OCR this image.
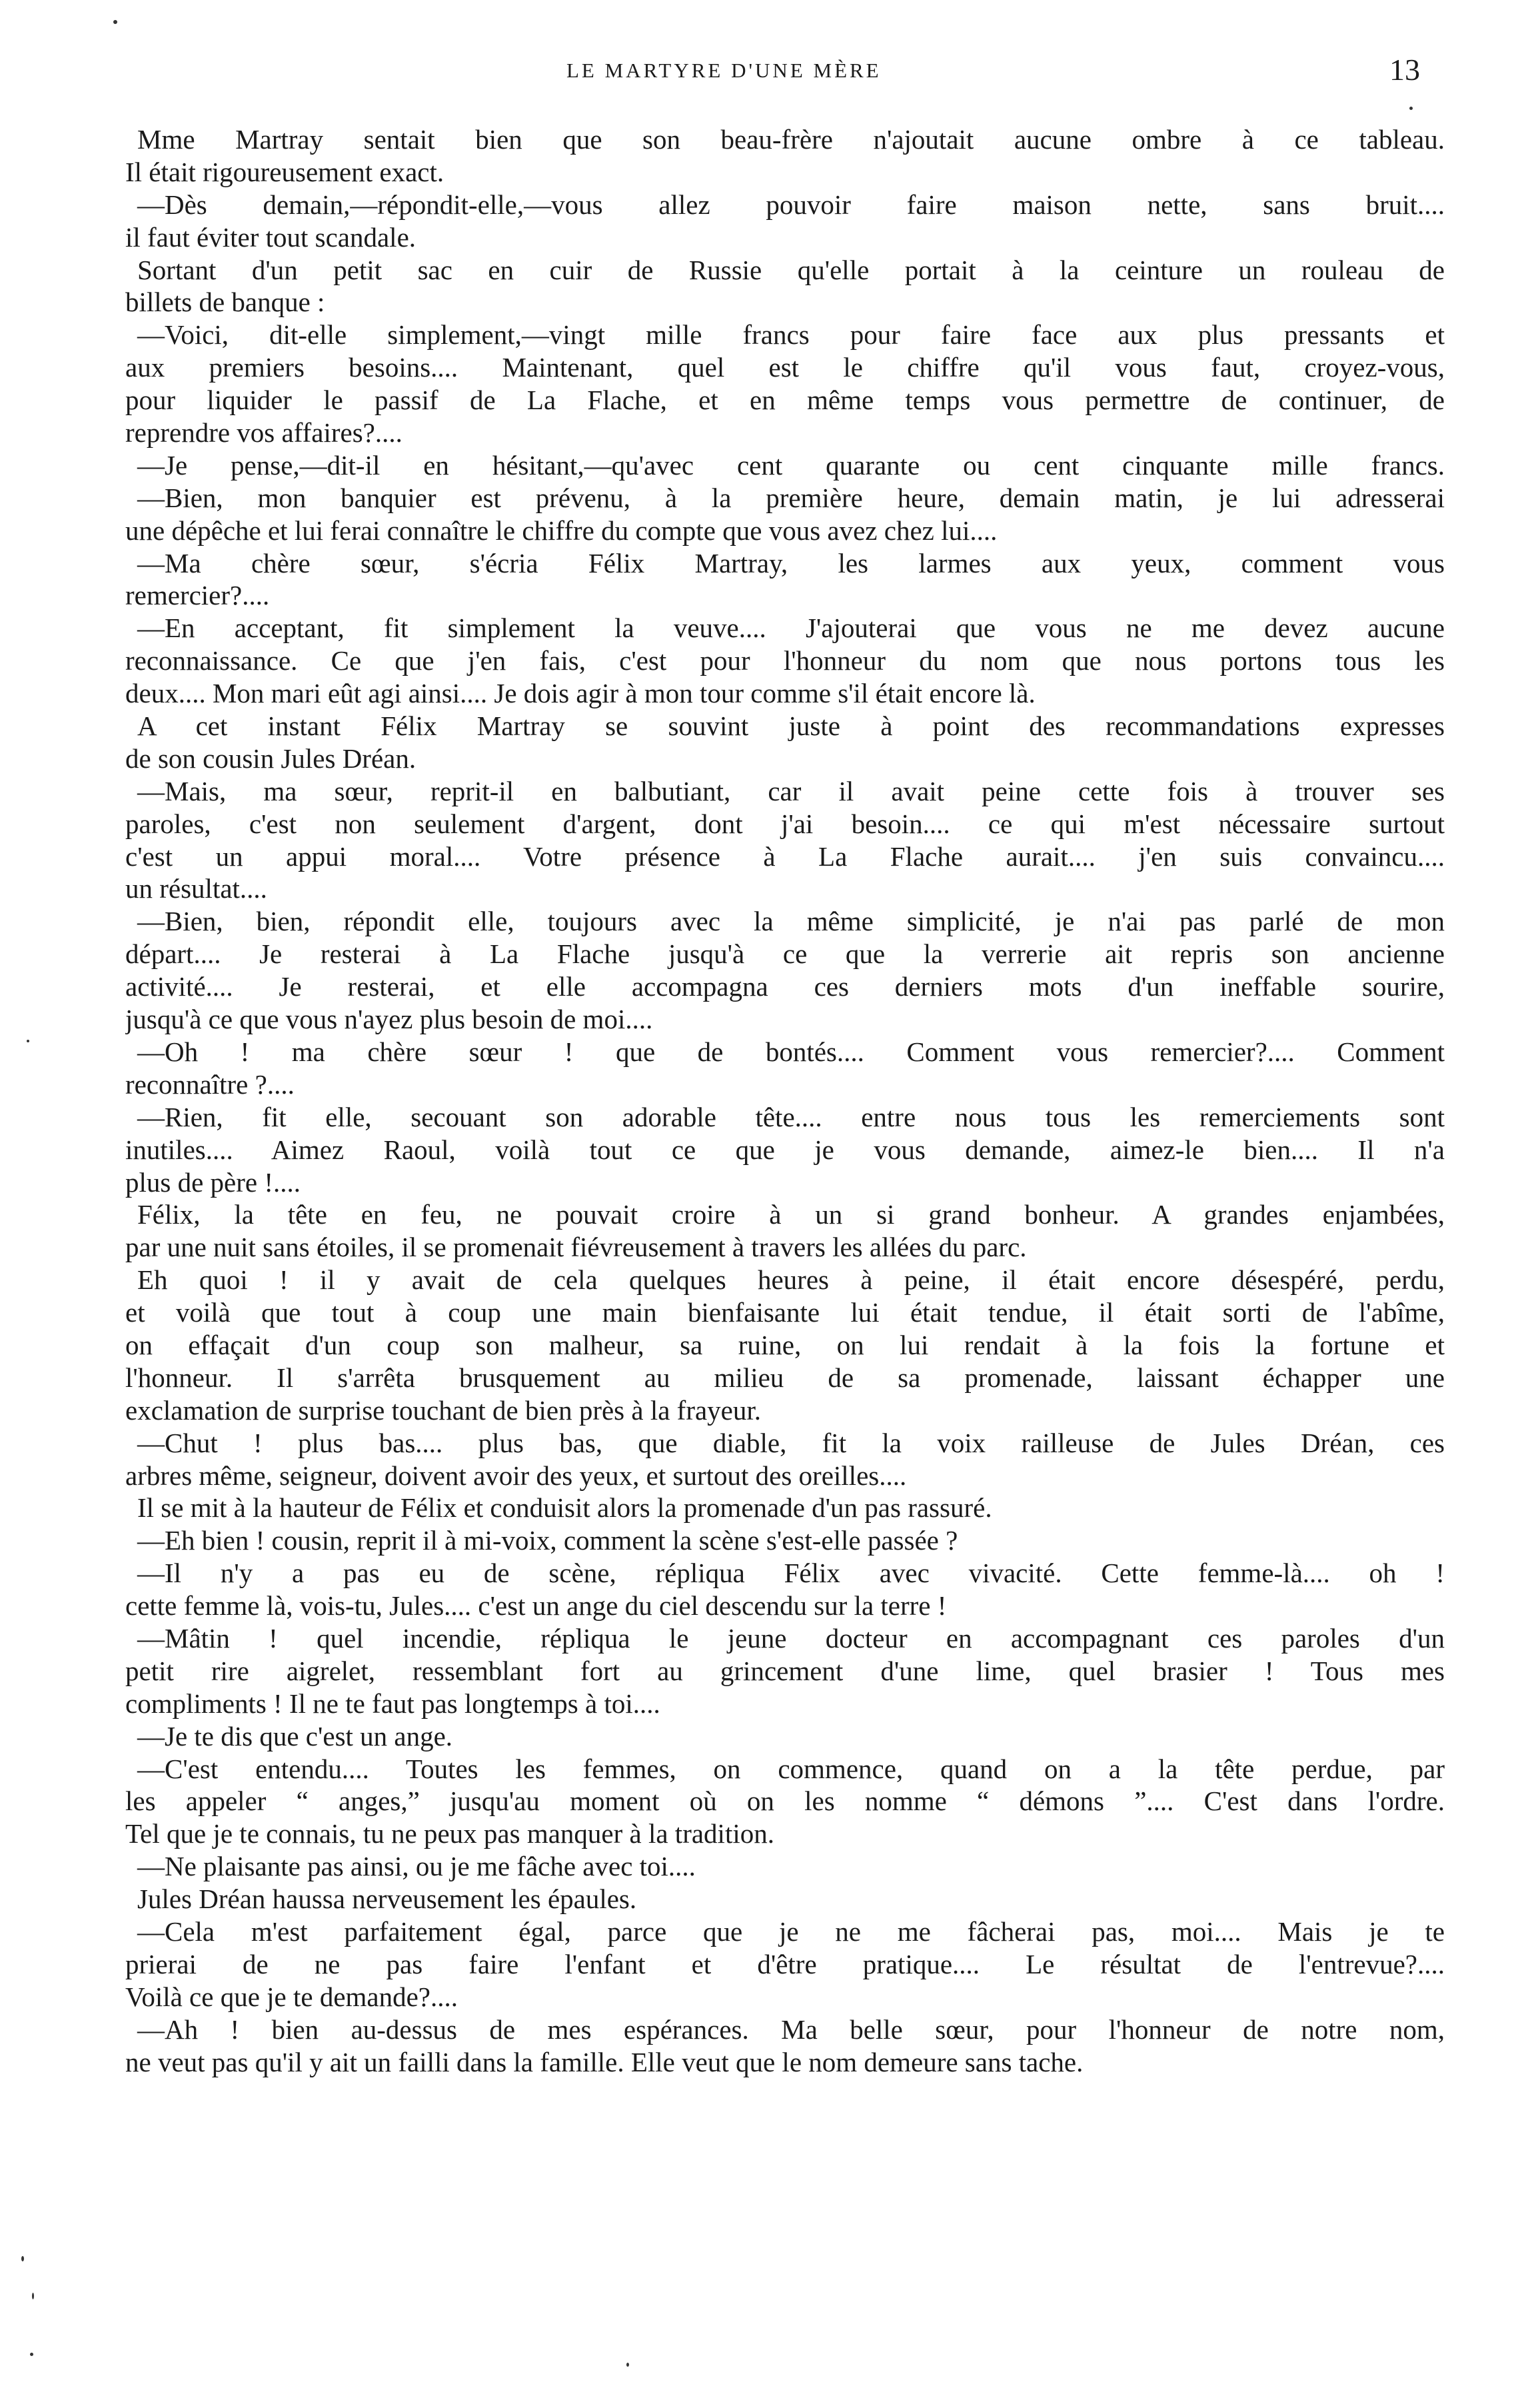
LE MARTYRE D'UNE MÈRE	13
Mme Martray sentait bien que son beau-frère n'ajoutait aucune ombre à ce tableau.
Il était rigoureusement exact.
—Dès demain,—répondit-elle,—vous allez pouvoir faire maison nette, sans bruit....
il faut éviter tout scandale.
Sortant d'un petit sac en cuir de Russie qu'elle portait à la ceinture un rouleau de
billets de banque :
—Voici, dit-elle simplement,—vingt mille francs pour faire face aux plus pressants et
aux premiers besoins.... Maintenant, quel est le chiffre qu'il vous faut, croyez-vous,
pour liquider le passif de La Flache, et en même temps vous permettre de continuer, de
reprendre vos affaires?....
—Je pense,—dit-il en hésitant,—qu'avec cent quarante ou cent cinquante mille francs.
—Bien, mon banquier est prévenu, à la première heure, demain matin, je lui adresserai
une dépêche et lui ferai connaître le chiffre du compte que vous avez chez lui....
—Ma chère sœur, s'écria Félix Martray, les larmes aux yeux, comment vous
remercier?....
—En acceptant, fit simplement la veuve.... J'ajouterai que vous ne me devez aucune
reconnaissance. Ce que j'en fais, c'est pour l'honneur du nom que nous portons tous les
deux.... Mon mari eût agi ainsi.... Je dois agir à mon tour comme s'il était encore là.
A cet instant Félix Martray se souvint juste à point des recommandations expresses
de son cousin Jules Dréan.
—Mais, ma sœur, reprit-il en balbutiant, car il avait peine cette fois à trouver ses
paroles, c'est non seulement d'argent, dont j'ai besoin.... ce qui m'est nécessaire surtout
c'est un appui moral.... Votre présence à La Flache aurait.... j'en suis convaincu....
un résultat....
—Bien, bien, répondit elle, toujours avec la même simplicité, je n'ai pas parlé de mon
départ.... Je resterai à La Flache jusqu'à ce que la verrerie ait repris son ancienne
activité.... Je resterai, et elle accompagna ces derniers mots d'un ineffable sourire,
jusqu'à ce que vous n'ayez plus besoin de moi....
—Oh ! ma chère sœur ! que de bontés.... Comment vous remercier?.... Comment
reconnaître ?....
—Rien, fit elle, secouant son adorable tête.... entre nous tous les remerciements sont
inutiles.... Aimez Raoul, voilà tout ce que je vous demande, aimez-le bien.... Il n'a
plus de père !....
Félix, la tête en feu, ne pouvait croire à un si grand bonheur. A grandes enjambées,
par une nuit sans étoiles, il se promenait fiévreusement à travers les allées du parc.
Eh quoi ! il y avait de cela quelques heures à peine, il était encore désespéré, perdu,
et voilà que tout à coup une main bienfaisante lui était tendue, il était sorti de l'abîme,
on effaçait d'un coup son malheur, sa ruine, on lui rendait à la fois la fortune et
l'honneur. Il s'arrêta brusquement au milieu de sa promenade, laissant échapper une
exclamation de surprise touchant de bien près à la frayeur.
—Chut ! plus bas.... plus bas, que diable, fit la voix railleuse de Jules Dréan, ces
arbres même, seigneur, doivent avoir des yeux, et surtout des oreilles....
Il se mit à la hauteur de Félix et conduisit alors la promenade d'un pas rassuré.
—Eh bien ! cousin, reprit il à mi-voix, comment la scène s'est-elle passée ?
—Il n'y a pas eu de scène, répliqua Félix avec vivacité. Cette femme-là.... oh !
cette femme là, vois-tu, Jules.... c'est un ange du ciel descendu sur la terre !
—Mâtin ! quel incendie, répliqua le jeune docteur en accompagnant ces paroles d'un
petit rire aigrelet, ressemblant fort au grincement d'une lime, quel brasier ! Tous mes
compliments ! Il ne te faut pas longtemps à toi....
—Je te dis que c'est un ange.
—C'est entendu.... Toutes les femmes, on commence, quand on a la tête perdue, par
les appeler “ anges,” jusqu'au moment où on les nomme “ démons ”.... C'est dans l'ordre.
Tel que je te connais, tu ne peux pas manquer à la tradition.
—Ne plaisante pas ainsi, ou je me fâche avec toi....
Jules Dréan haussa nerveusement les épaules.
—Cela m'est parfaitement égal, parce que je ne me fâcherai pas, moi.... Mais je te
prierai de ne pas faire l'enfant et d'être pratique.... Le résultat de l'entrevue?....
Voilà ce que je te demande?....
—Ah ! bien au-dessus de mes espérances. Ma belle sœur, pour l'honneur de notre nom,
ne veut pas qu'il y ait un failli dans la famille. Elle veut que le nom demeure sans tache.
